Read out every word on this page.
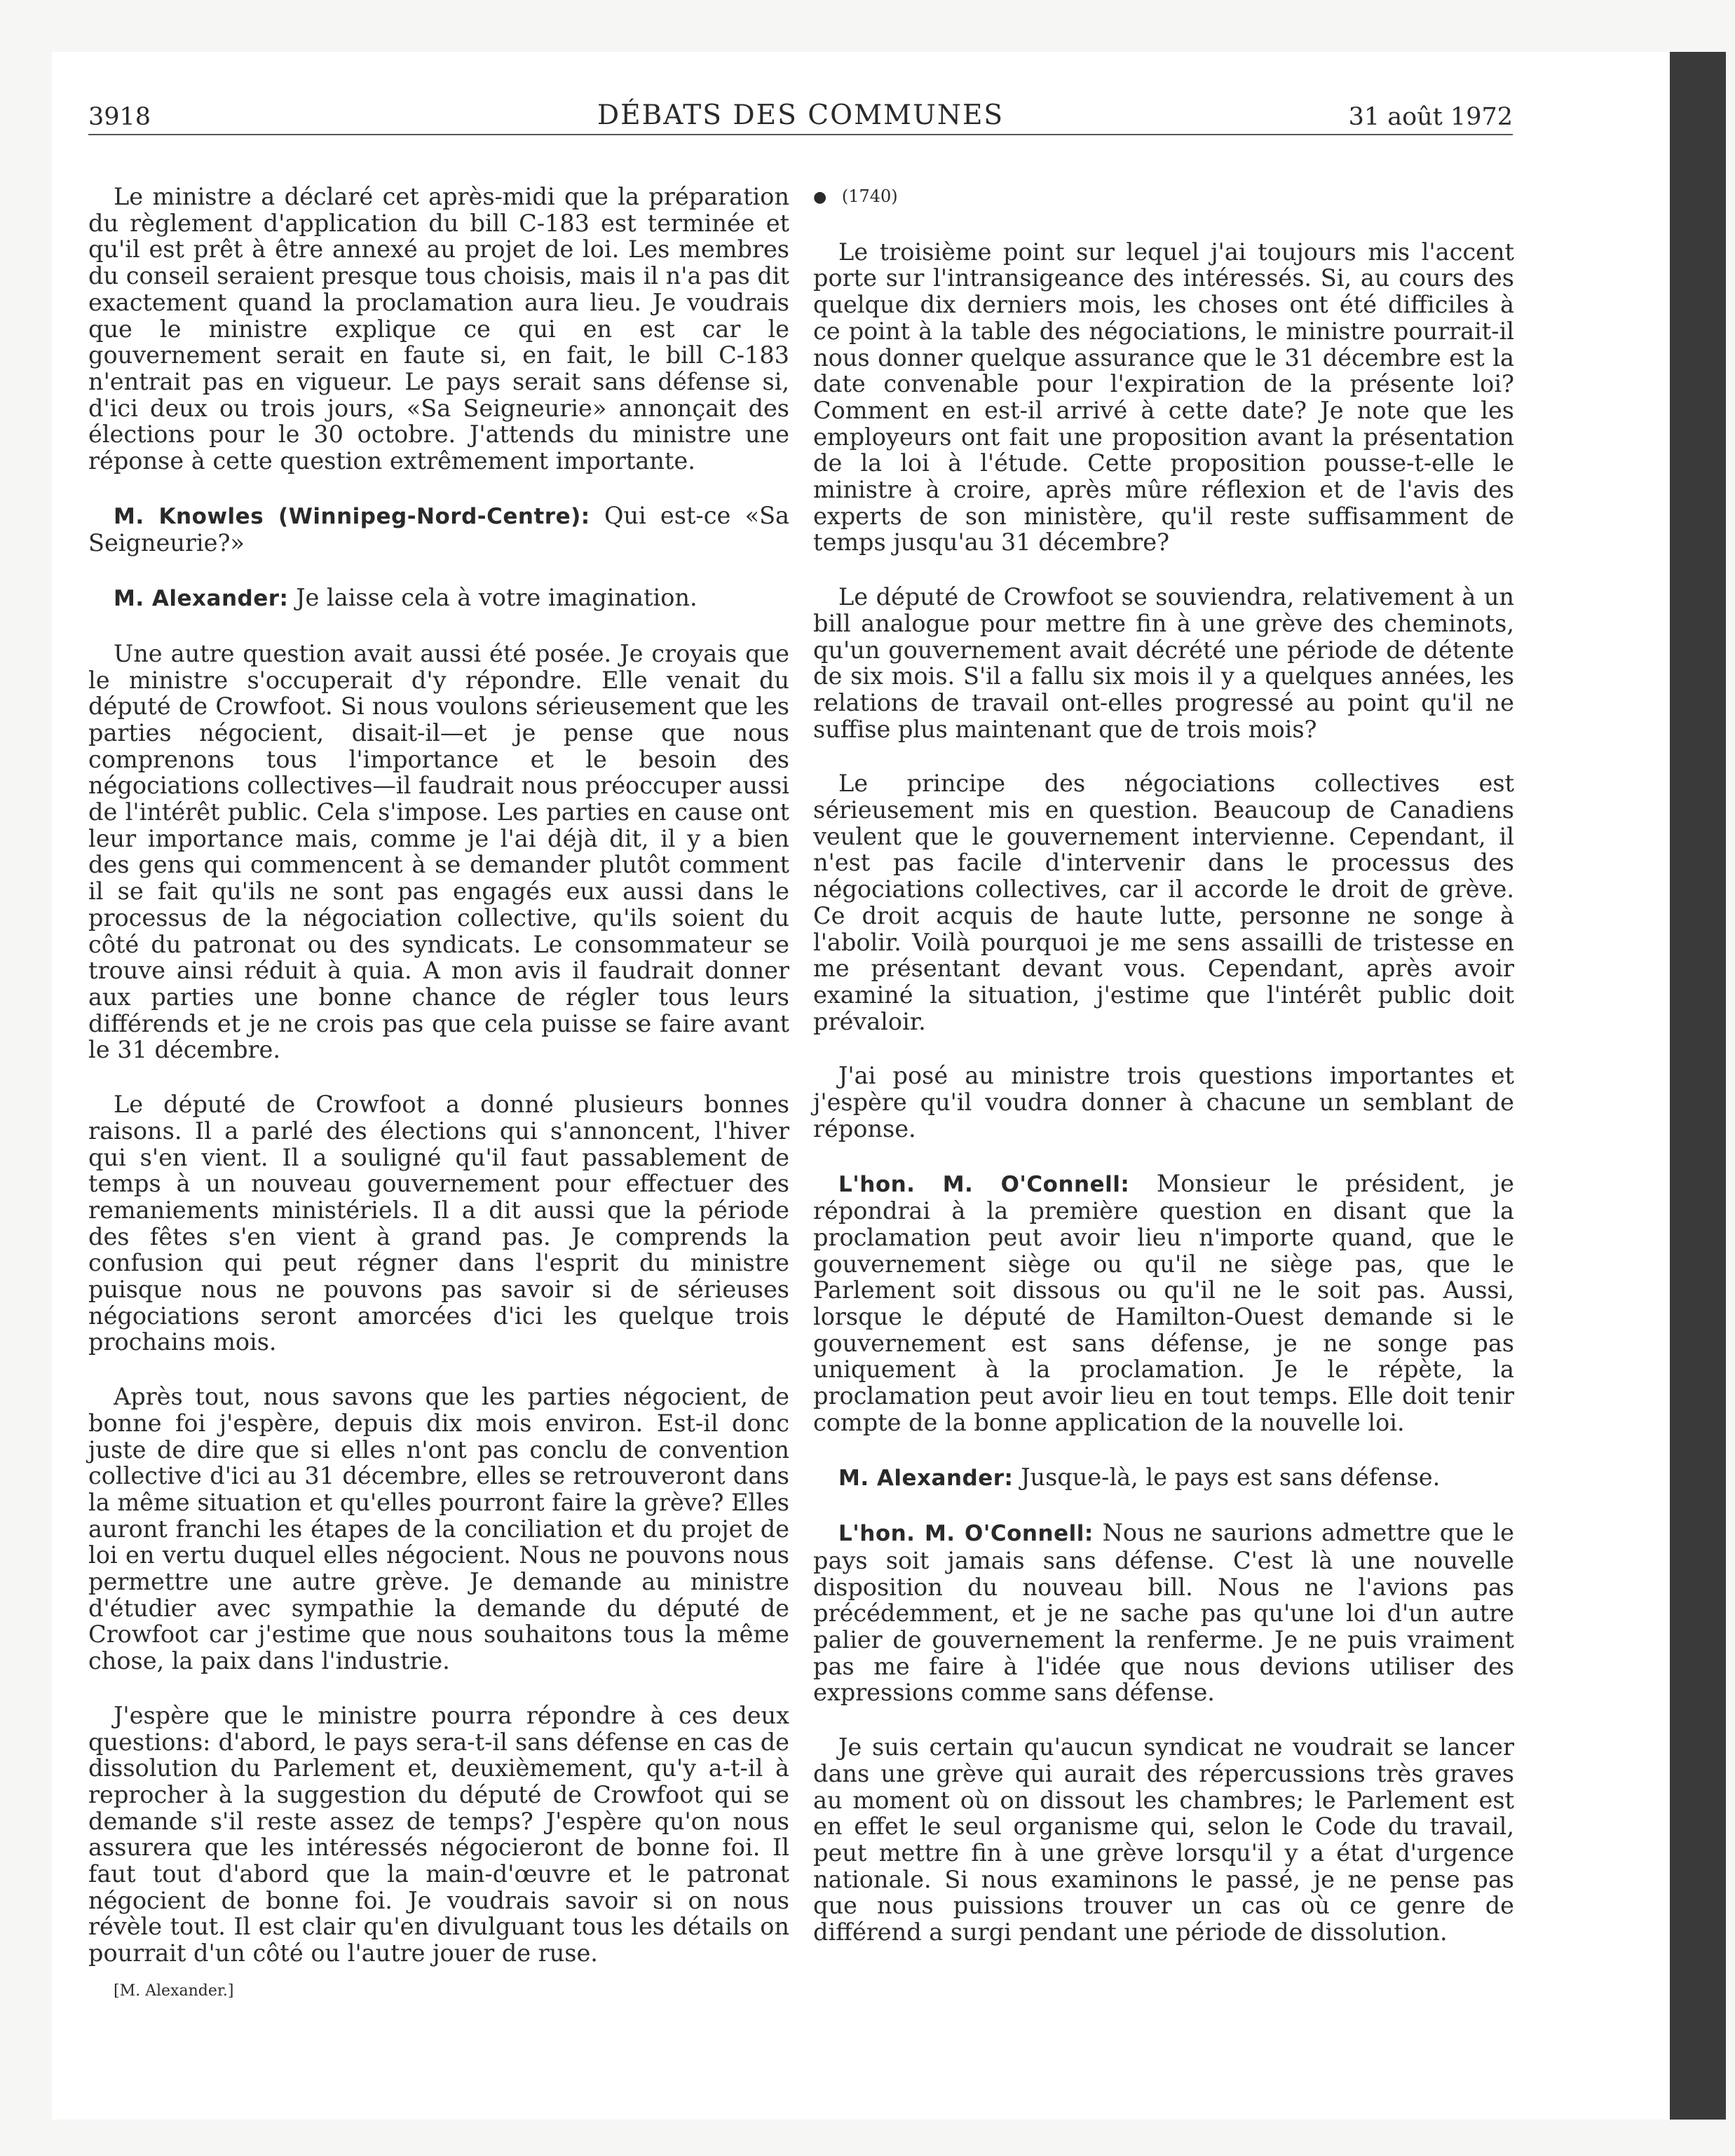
3918	DÉBATS DES COMMUNES	31 août 1972

Le ministre a déclaré cet après-midi que la préparation du règlement d'application du bill C-183 est terminée et qu'il est prêt à être annexé au projet de loi. Les membres du conseil seraient presque tous choisis, mais il n'a pas dit exactement quand la proclamation aura lieu. Je voudrais que le ministre explique ce qui en est car le gouvernement serait en faute si, en fait, le bill C-183 n'entrait pas en vigueur. Le pays serait sans défense si, d'ici deux ou trois jours, «Sa Seigneurie» annonçait des élections pour le 30 octobre. J'attends du ministre une réponse à cette question extrêmement importante.

M. Knowles (Winnipeg-Nord-Centre): Qui est-ce «Sa Seigneurie?»

M. Alexander: Je laisse cela à votre imagination.

Une autre question avait aussi été posée. Je croyais que le ministre s'occuperait d'y répondre. Elle venait du député de Crowfoot. Si nous voulons sérieusement que les parties négocient, disait-il—et je pense que nous comprenons tous l'importance et le besoin des négociations collectives—il faudrait nous préoccuper aussi de l'intérêt public. Cela s'impose. Les parties en cause ont leur importance mais, comme je l'ai déjà dit, il y a bien des gens qui commencent à se demander plutôt comment il se fait qu'ils ne sont pas engagés eux aussi dans le processus de la négociation collective, qu'ils soient du côté du patronat ou des syndicats. Le consommateur se trouve ainsi réduit à quia. A mon avis il faudrait donner aux parties une bonne chance de régler tous leurs différends et je ne crois pas que cela puisse se faire avant le 31 décembre.

Le député de Crowfoot a donné plusieurs bonnes raisons. Il a parlé des élections qui s'annoncent, l'hiver qui s'en vient. Il a souligné qu'il faut passablement de temps à un nouveau gouvernement pour effectuer des remaniements ministériels. Il a dit aussi que la période des fêtes s'en vient à grand pas. Je comprends la confusion qui peut régner dans l'esprit du ministre puisque nous ne pouvons pas savoir si de sérieuses négociations seront amorcées d'ici les quelque trois prochains mois.

Après tout, nous savons que les parties négocient, de bonne foi j'espère, depuis dix mois environ. Est-il donc juste de dire que si elles n'ont pas conclu de convention collective d'ici au 31 décembre, elles se retrouveront dans la même situation et qu'elles pourront faire la grève? Elles auront franchi les étapes de la conciliation et du projet de loi en vertu duquel elles négocient. Nous ne pouvons nous permettre une autre grève. Je demande au ministre d'étudier avec sympathie la demande du député de Crowfoot car j'estime que nous souhaitons tous la même chose, la paix dans l'industrie.

J'espère que le ministre pourra répondre à ces deux questions: d'abord, le pays sera-t-il sans défense en cas de dissolution du Parlement et, deuxièmement, qu'y a-t-il à reprocher à la suggestion du député de Crowfoot qui se demande s'il reste assez de temps? J'espère qu'on nous assurera que les intéressés négocieront de bonne foi. Il faut tout d'abord que la main-d'œuvre et le patronat négocient de bonne foi. Je voudrais savoir si on nous révèle tout. Il est clair qu'en divulguant tous les détails on pourrait d'un côté ou l'autre jouer de ruse.

[M. Alexander.]

● (1740)

Le troisième point sur lequel j'ai toujours mis l'accent porte sur l'intransigeance des intéressés. Si, au cours des quelque dix derniers mois, les choses ont été difficiles à ce point à la table des négociations, le ministre pourrait-il nous donner quelque assurance que le 31 décembre est la date convenable pour l'expiration de la présente loi? Comment en est-il arrivé à cette date? Je note que les employeurs ont fait une proposition avant la présentation de la loi à l'étude. Cette proposition pousse-t-elle le ministre à croire, après mûre réflexion et de l'avis des experts de son ministère, qu'il reste suffisamment de temps jusqu'au 31 décembre?

Le député de Crowfoot se souviendra, relativement à un bill analogue pour mettre fin à une grève des cheminots, qu'un gouvernement avait décrété une période de détente de six mois. S'il a fallu six mois il y a quelques années, les relations de travail ont-elles progressé au point qu'il ne suffise plus maintenant que de trois mois?

Le principe des négociations collectives est sérieusement mis en question. Beaucoup de Canadiens veulent que le gouvernement intervienne. Cependant, il n'est pas facile d'intervenir dans le processus des négociations collectives, car il accorde le droit de grève. Ce droit acquis de haute lutte, personne ne songe à l'abolir. Voilà pourquoi je me sens assailli de tristesse en me présentant devant vous. Cependant, après avoir examiné la situation, j'estime que l'intérêt public doit prévaloir.

J'ai posé au ministre trois questions importantes et j'espère qu'il voudra donner à chacune un semblant de réponse.

L'hon. M. O'Connell: Monsieur le président, je répondrai à la première question en disant que la proclamation peut avoir lieu n'importe quand, que le gouvernement siège ou qu'il ne siège pas, que le Parlement soit dissous ou qu'il ne le soit pas. Aussi, lorsque le député de Hamilton-Ouest demande si le gouvernement est sans défense, je ne songe pas uniquement à la proclamation. Je le répète, la proclamation peut avoir lieu en tout temps. Elle doit tenir compte de la bonne application de la nouvelle loi.

M. Alexander: Jusque-là, le pays est sans défense.

L'hon. M. O'Connell: Nous ne saurions admettre que le pays soit jamais sans défense. C'est là une nouvelle disposition du nouveau bill. Nous ne l'avions pas précédemment, et je ne sache pas qu'une loi d'un autre palier de gouvernement la renferme. Je ne puis vraiment pas me faire à l'idée que nous devions utiliser des expressions comme sans défense.

Je suis certain qu'aucun syndicat ne voudrait se lancer dans une grève qui aurait des répercussions très graves au moment où on dissout les chambres; le Parlement est en effet le seul organisme qui, selon le Code du travail, peut mettre fin à une grève lorsqu'il y a état d'urgence nationale. Si nous examinons le passé, je ne pense pas que nous puissions trouver un cas où ce genre de différend a surgi pendant une période de dissolution.
